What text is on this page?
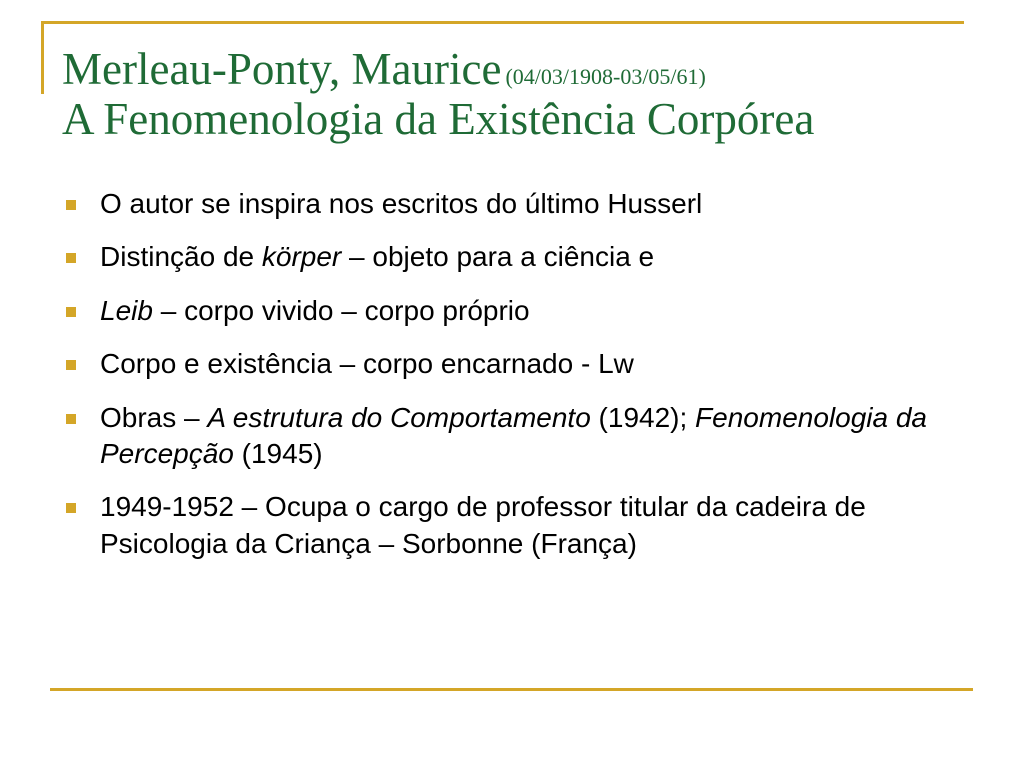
Merleau-Ponty, Maurice (04/03/1908-03/05/61)
A Fenomenologia da Existência Corpórea
O autor se inspira nos escritos do último Husserl
Distinção de körper – objeto para a ciência e
Leib – corpo vivido – corpo próprio
Corpo e existência – corpo encarnado - Lw
Obras – A estrutura do Comportamento (1942); Fenomenologia da Percepção (1945)
1949-1952 – Ocupa o cargo de professor titular da cadeira de Psicologia da Criança – Sorbonne (França)
